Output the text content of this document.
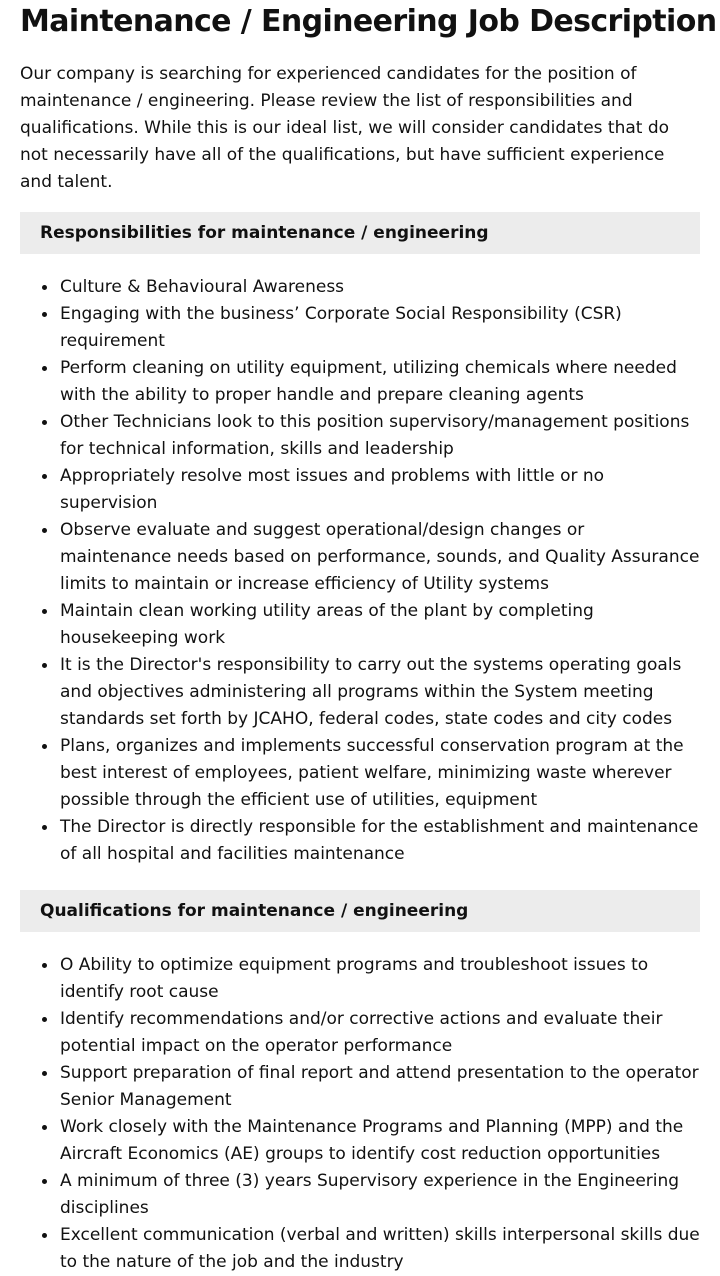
Maintenance / Engineering Job Description

Our company is searching for experienced candidates for the position of maintenance / engineering. Please review the list of responsibilities and qualifications. While this is our ideal list, we will consider candidates that do not necessarily have all of the qualifications, but have sufficient experience and talent.

Responsibilities for maintenance / engineering
Culture & Behavioural Awareness
Engaging with the business’ Corporate Social Responsibility (CSR) requirement
Perform cleaning on utility equipment, utilizing chemicals where needed with the ability to proper handle and prepare cleaning agents
Other Technicians look to this position supervisory/management positions for technical information, skills and leadership
Appropriately resolve most issues and problems with little or no supervision
Observe evaluate and suggest operational/design changes or maintenance needs based on performance, sounds, and Quality Assurance limits to maintain or increase efficiency of Utility systems
Maintain clean working utility areas of the plant by completing housekeeping work
It is the Director's responsibility to carry out the systems operating goals and objectives administering all programs within the System meeting standards set forth by JCAHO, federal codes, state codes and city codes
Plans, organizes and implements successful conservation program at the best interest of employees, patient welfare, minimizing waste wherever possible through the efficient use of utilities, equipment
The Director is directly responsible for the establishment and maintenance of all hospital and facilities maintenance
Qualifications for maintenance / engineering
O Ability to optimize equipment programs and troubleshoot issues to identify root cause
Identify recommendations and/or corrective actions and evaluate their potential impact on the operator performance
Support preparation of final report and attend presentation to the operator Senior Management
Work closely with the Maintenance Programs and Planning (MPP) and the Aircraft Economics (AE) groups to identify cost reduction opportunities
A minimum of three (3) years Supervisory experience in the Engineering disciplines
Excellent communication (verbal and written) skills interpersonal skills due to the nature of the job and the industry
